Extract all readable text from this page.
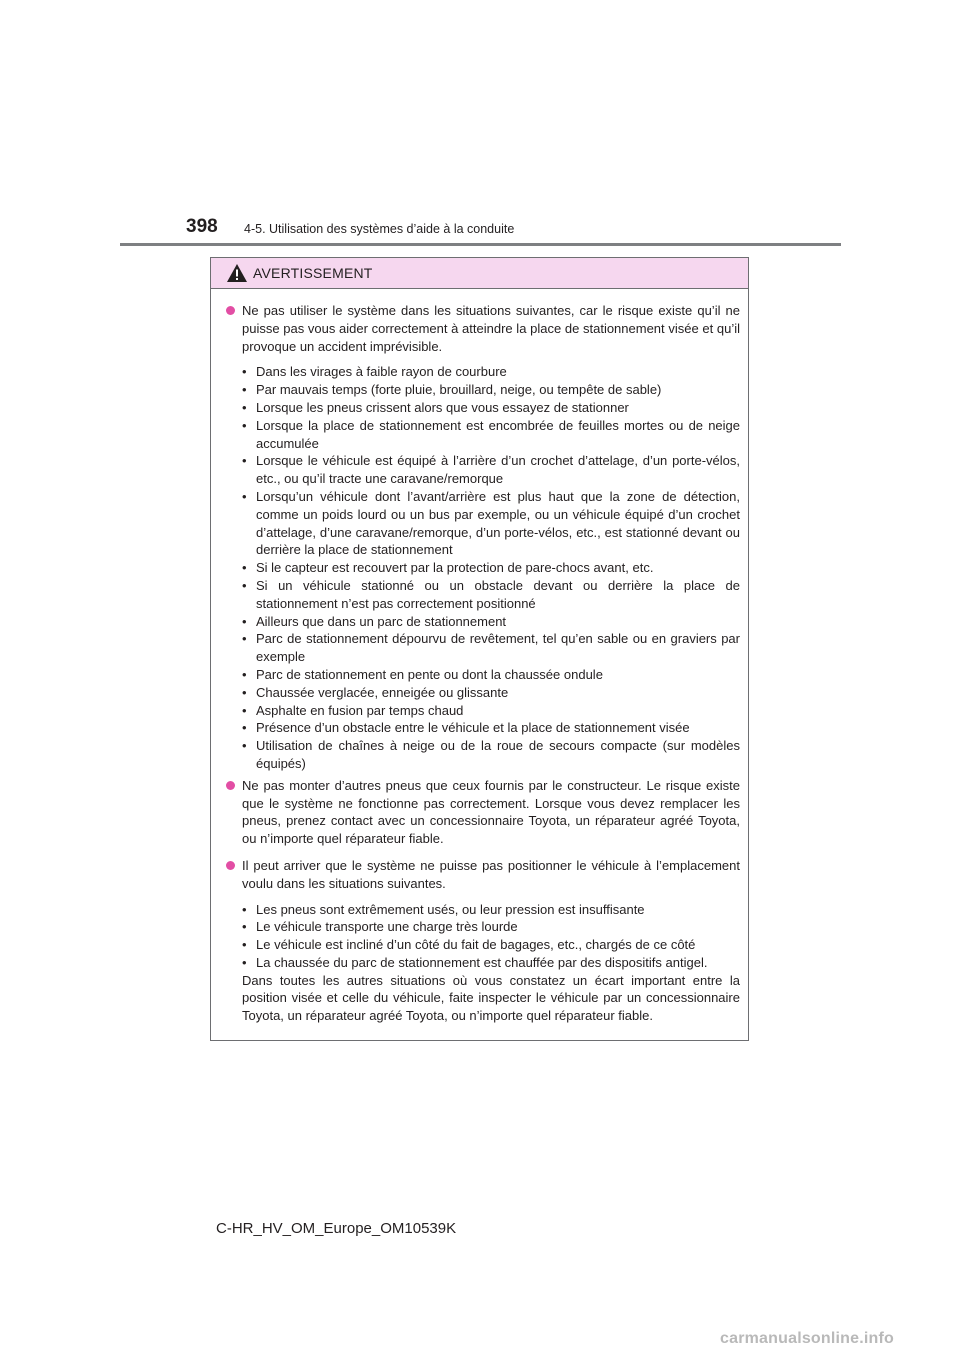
398 4-5. Utilisation des systèmes d’aide à la conduite
AVERTISSEMENT

Ne pas utiliser le système dans les situations suivantes, car le risque existe qu’il ne puisse pas vous aider correctement à atteindre la place de stationnement visée et qu’il provoque un accident imprévisible.

• Dans les virages à faible rayon de courbure
• Par mauvais temps (forte pluie, brouillard, neige, ou tempête de sable)
• Lorsque les pneus crissent alors que vous essayez de stationner
• Lorsque la place de stationnement est encombrée de feuilles mortes ou de neige accumulée
• Lorsque le véhicule est équipé à l’arrière d’un crochet d’attelage, d’un porte-vélos, etc., ou qu’il tracte une caravane/remorque
• Lorsqu’un véhicule dont l’avant/arrière est plus haut que la zone de détection, comme un poids lourd ou un bus par exemple, ou un véhicule équipé d’un crochet d’attelage, d’une caravane/remorque, d’un porte-vélos, etc., est stationné devant ou derrière la place de stationnement
• Si le capteur est recouvert par la protection de pare-chocs avant, etc.
• Si un véhicule stationné ou un obstacle devant ou derrière la place de stationnement n’est pas correctement positionné
• Ailleurs que dans un parc de stationnement
• Parc de stationnement dépourvu de revêtement, tel qu’en sable ou en graviers par exemple
• Parc de stationnement en pente ou dont la chaussée ondule
• Chaussée verglacée, enneigée ou glissante
• Asphalte en fusion par temps chaud
• Présence d’un obstacle entre le véhicule et la place de stationnement visée
• Utilisation de chaînes à neige ou de la roue de secours compacte (sur modèles équipés)

Ne pas monter d’autres pneus que ceux fournis par le constructeur. Le risque existe que le système ne fonctionne pas correctement. Lorsque vous devez remplacer les pneus, prenez contact avec un concessionnaire Toyota, un réparateur agréé Toyota, ou n’importe quel réparateur fiable.

Il peut arriver que le système ne puisse pas positionner le véhicule à l’emplacement voulu dans les situations suivantes.

• Les pneus sont extrêmement usés, ou leur pression est insuffisante
• Le véhicule transporte une charge très lourde
• Le véhicule est incliné d’un côté du fait de bagages, etc., chargés de ce côté
• La chaussée du parc de stationnement est chauffée par des dispositifs antigel.

Dans toutes les autres situations où vous constatez un écart important entre la position visée et celle du véhicule, faite inspecter le véhicule par un concessionnaire Toyota, un réparateur agréé Toyota, ou n’importe quel réparateur fiable.

C-HR_HV_OM_Europe_OM10539K
carmanualsonline.info
